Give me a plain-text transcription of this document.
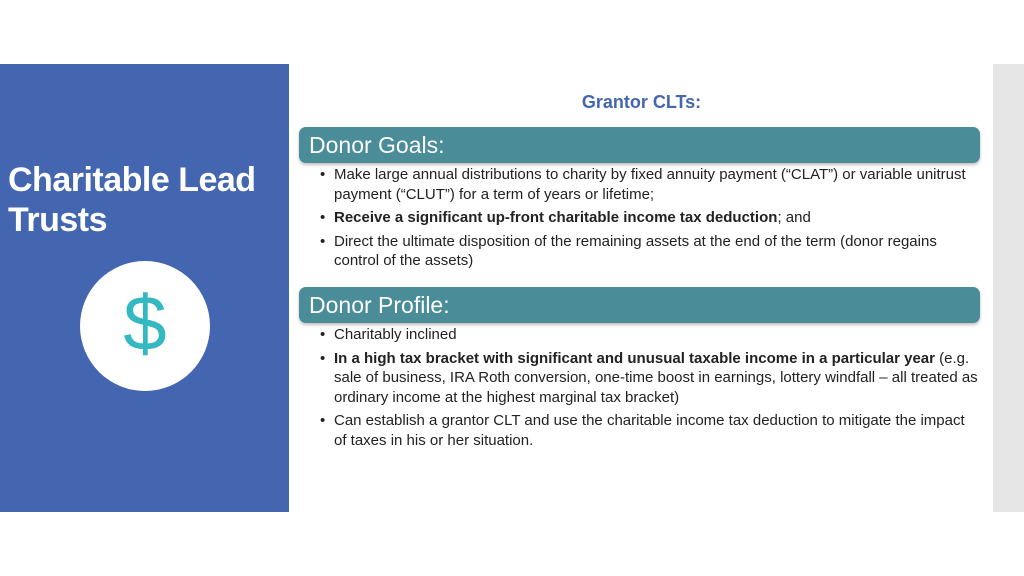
Charitable Lead Trusts
$
Grantor CLTs:
Donor Goals:
• Make large annual distributions to charity by fixed annuity payment (“CLAT”) or variable unitrust payment (“CLUT”) for a term of years or lifetime;
• Receive a significant up-front charitable income tax deduction; and
• Direct the ultimate disposition of the remaining assets at the end of the term (donor regains control of the assets)
Donor Profile:
• Charitably inclined
• In a high tax bracket with significant and unusual taxable income in a particular year (e.g. sale of business, IRA Roth conversion, one-time boost in earnings, lottery windfall – all treated as ordinary income at the highest marginal tax bracket)
• Can establish a grantor CLT and use the charitable income tax deduction to mitigate the impact of taxes in his or her situation.
